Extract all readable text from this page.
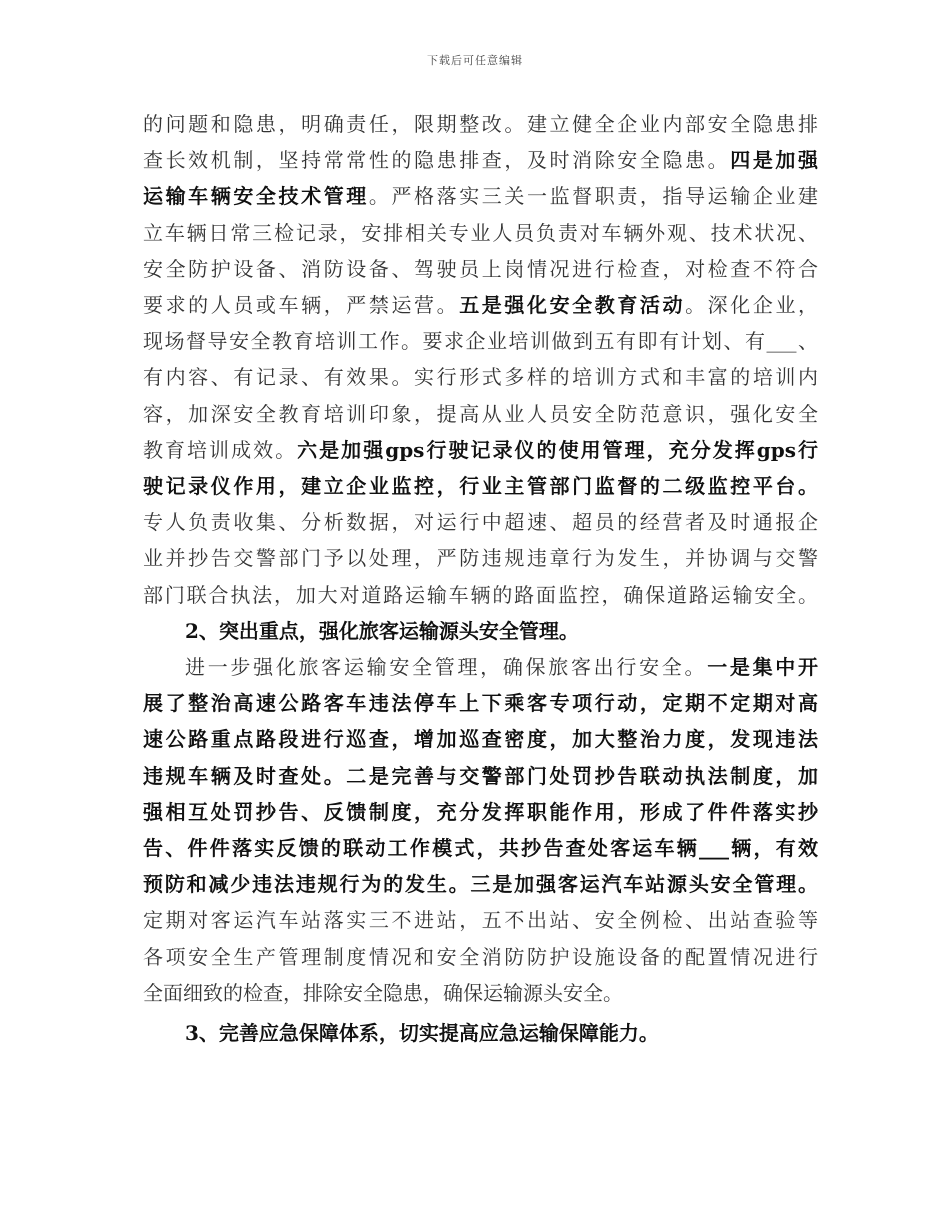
下载后可任意编辑
的问题和隐患，明确责任，限期整改。建立健全企业内部安全隐患排
查长效机制，坚持常常性的隐患排查，及时消除安全隐患。四是加强
运输车辆安全技术管理。严格落实三关一监督职责，指导运输企业建
立车辆日常三检记录，安排相关专业人员负责对车辆外观、技术状况、
安全防护设备、消防设备、驾驶员上岗情况进行检查，对检查不符合
要求的人员或车辆，严禁运营。五是强化安全教育活动。深化企业，
现场督导安全教育培训工作。要求企业培训做到五有即有计划、有___、
有内容、有记录、有效果。实行形式多样的培训方式和丰富的培训内
容，加深安全教育培训印象，提高从业人员安全防范意识，强化安全
教育培训成效。六是加强gps行驶记录仪的使用管理，充分发挥gps行
驶记录仪作用，建立企业监控，行业主管部门监督的二级监控平台。
专人负责收集、分析数据，对运行中超速、超员的经营者及时通报企
业并抄告交警部门予以处理，严防违规违章行为发生，并协调与交警
部门联合执法，加大对道路运输车辆的路面监控，确保道路运输安全。
2、突出重点，强化旅客运输源头安全管理。
进一步强化旅客运输安全管理，确保旅客出行安全。一是集中开
展了整治高速公路客车违法停车上下乘客专项行动，定期不定期对高
速公路重点路段进行巡查，增加巡查密度，加大整治力度，发现违法
违规车辆及时查处。二是完善与交警部门处罚抄告联动执法制度，加
强相互处罚抄告、反馈制度，充分发挥职能作用，形成了件件落实抄
告、件件落实反馈的联动工作模式，共抄告查处客运车辆___辆，有效
预防和减少违法违规行为的发生。三是加强客运汽车站源头安全管理。
定期对客运汽车站落实三不进站，五不出站、安全例检、出站查验等
各项安全生产管理制度情况和安全消防防护设施设备的配置情况进行
全面细致的检查，排除安全隐患，确保运输源头安全。
3、完善应急保障体系，切实提高应急运输保障能力。
